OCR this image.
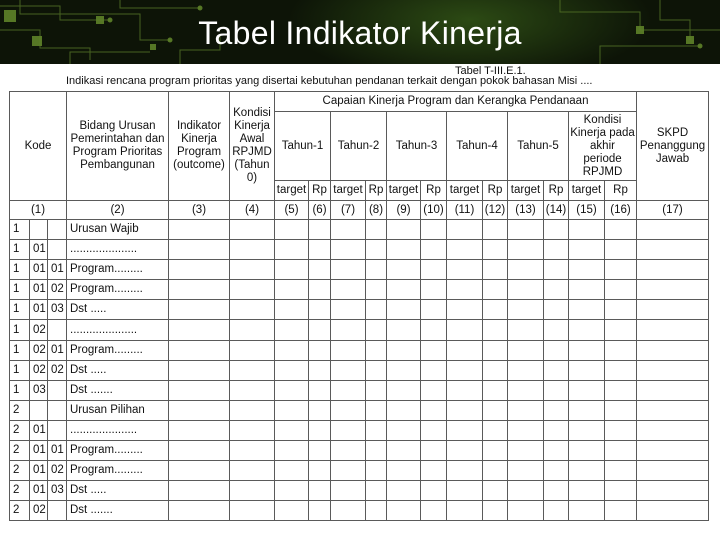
Tabel Indikator Kinerja
Tabel T-III.E.1.
Indikasi rencana program prioritas yang disertai kebutuhan pendanan terkait dengan pokok bahasan Misi ....
Kode			Bidang Urusan Pemerintahan dan Program Prioritas Pembangunan	Indikator Kinerja Program (outcome)	Kondisi Kinerja Awal RPJMD (Tahun 0)	Capaian Kinerja Program dan Kerangka Pendanaan												SKPD Penanggung Jawab
						Tahun-1		Tahun-2		Tahun-3		Tahun-4		Tahun-5		Kondisi Kinerja pada akhir periode RPJMD		
						target	Rp	target	Rp	target	Rp	target	Rp	target	Rp	target	Rp	
(1)			(2)	(3)	(4)	(5)	(6)	(7)	(8)	(9)	(10)	(11)	(12)	(13)	(14)	(15)	(16)	(17)
1			Urusan Wajib															
1	01		.....................															
1	01	01	Program.........															
1	01	02	Program.........															
1	01	03	Dst .....															
1	02		.....................															
1	02	01	Program.........															
1	02	02	Dst .....															
1	03		Dst .......															
2			Urusan Pilihan															
2	01		.....................															
2	01	01	Program.........															
2	01	02	Program.........															
2	01	03	Dst .....															
2	02		Dst .......															
